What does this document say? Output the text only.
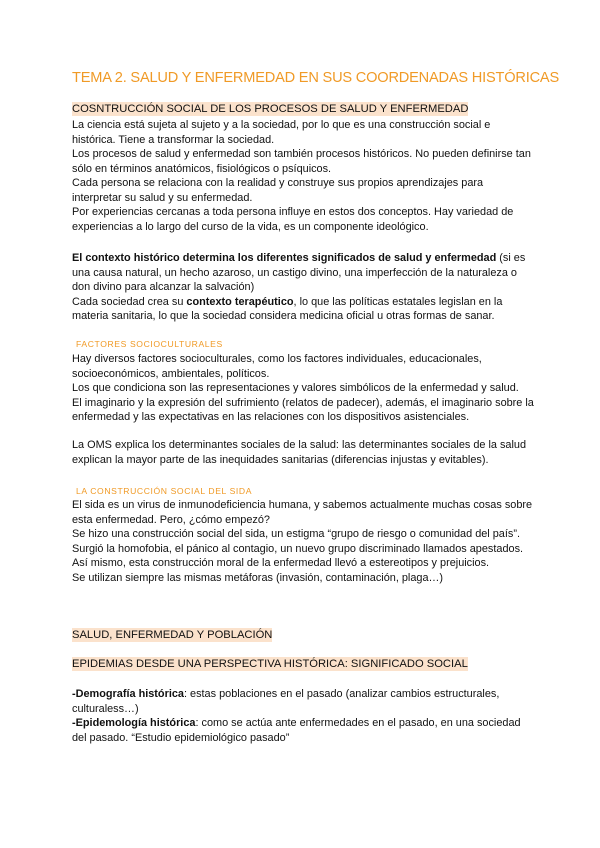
TEMA 2. SALUD Y ENFERMEDAD EN SUS COORDENADAS HISTÓRICAS
COSNTRUCCIÓN SOCIAL DE LOS PROCESOS DE SALUD Y ENFERMEDAD

La ciencia está sujeta al sujeto y a la sociedad, por lo que es una construcción social e histórica. Tiene a transformar la sociedad.

Los procesos de salud y enfermedad son también procesos históricos. No pueden definirse tan sólo en términos anatómicos, fisiológicos o psíquicos.

Cada persona se relaciona con la realidad y construye sus propios aprendizajes para interpretar su salud y su enfermedad.

Por experiencias cercanas a toda persona influye en estos dos conceptos. Hay variedad de experiencias a lo largo del curso de la vida, es un componente ideológico.

El contexto histórico determina los diferentes significados de salud y enfermedad (si es una causa natural, un hecho azaroso, un castigo divino, una imperfección de la naturaleza o don divino para alcanzar la salvación)

Cada sociedad crea su contexto terapéutico, lo que las políticas estatales legislan en la materia sanitaria, lo que la sociedad considera medicina oficial u otras formas de sanar.

FACTORES SOCIOCULTURALES

Hay diversos factores socioculturales, como los factores individuales, educacionales, socioeconómicos, ambientales, políticos.

Los que condiciona son las representaciones y valores simbólicos de la enfermedad y salud.

El imaginario y la expresión del sufrimiento (relatos de padecer), además, el imaginario sobre la enfermedad y las expectativas en las relaciones con los dispositivos asistenciales.

La OMS explica los determinantes sociales de la salud: las determinantes sociales de la salud explican la mayor parte de las inequidades sanitarias (diferencias injustas y evitables).

LA CONSTRUCCIÓN SOCIAL DEL SIDA

El sida es un virus de inmunodeficiencia humana, y sabemos actualmente muchas cosas sobre esta enfermedad. Pero, ¿cómo empezó?

Se hizo una construcción social del sida, un estigma “grupo de riesgo o comunidad del país”. Surgió la homofobia, el pánico al contagio, un nuevo grupo discriminado llamados apestados. Así mismo, esta construcción moral de la enfermedad llevó a estereotipos y prejuicios.

Se utilizan siempre las mismas metáforas (invasión, contaminación, plaga…)

SALUD, ENFERMEDAD Y POBLACIÓN
EPIDEMIAS DESDE UNA PERSPECTIVA HISTÓRICA: SIGNIFICADO SOCIAL

-Demografía histórica: estas poblaciones en el pasado (analizar cambios estructurales, culturaless…)

-Epidemología histórica: como se actúa ante enfermedades en el pasado, en una sociedad del pasado. “Estudio epidemiológico pasado”
